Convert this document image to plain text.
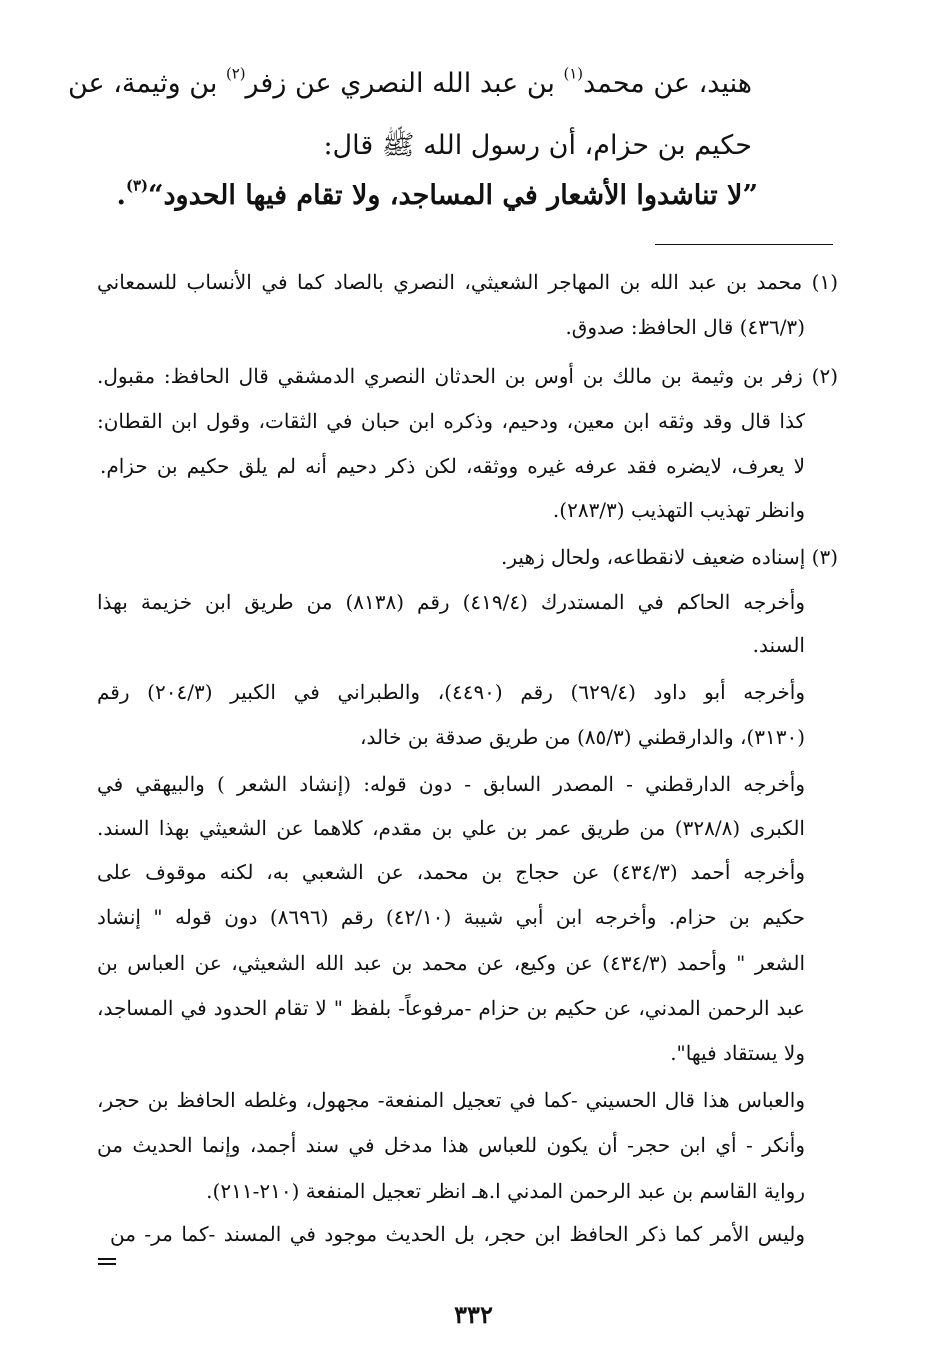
هنيد، عن محمد$^{(١)}$ بن عبد الله النصري عن زفر$^{(٢)}$ بن وثيمة، عن
حكيم بن حزام، أن رسول الله ﷺ قال:
”لا تناشدوا الأشعار في المساجد، ولا تقام فيها الحدود“$^{(٣)}$.
(١) محمد بن عبد الله بن المهاجر الشعيثي، النصري بالصاد كما في الأنساب للسمعاني
(٤٣٦/٣) قال الحافظ: صدوق.
(٢) زفر بن وثيمة بن مالك بن أوس بن الحدثان النصري الدمشقي قال الحافظ: مقبول.
كذا قال وقد وثقه ابن معين، ودحيم، وذكره ابن حبان في الثقات، وقول ابن القطان:
لا يعرف، لايضره فقد عرفه غيره ووثقه، لكن ذكر دحيم أنه لم يلق حكيم بن حزام.
وانظر تهذيب التهذيب (٢٨٣/٣).
(٣) إسناده ضعيف لانقطاعه، ولحال زهير.
وأخرجه الحاكم في المستدرك (٤١٩/٤) رقم (٨١٣٨) من طريق ابن خزيمة بهذا
السند.
وأخرجه أبو داود (٦٢٩/٤) رقم (٤٤٩٠)، والطبراني في الكبير (٢٠٤/٣) رقم
(٣١٣٠)، والدارقطني (٨٥/٣) من طريق صدقة بن خالد،
وأخرجه الدارقطني - المصدر السابق - دون قوله: (إنشاد الشعر ) والبيهقي في
الكبرى (٣٢٨/٨) من طريق عمر بن علي بن مقدم، كلاهما عن الشعيثي بهذا السند.
وأخرجه أحمد (٤٣٤/٣) عن حجاج بن محمد، عن الشعبي به، لكنه موقوف على
حكيم بن حزام. وأخرجه ابن أبي شيبة (٤٢/١٠) رقم (٨٦٩٦) دون قوله " إنشاد
الشعر " وأحمد (٤٣٤/٣) عن وكيع، عن محمد بن عبد الله الشعيثي، عن العباس بن
عبد الرحمن المدني، عن حكيم بن حزام -مرفوعاً- بلفظ " لا تقام الحدود في المساجد،
ولا يستقاد فيها".
والعباس هذا قال الحسيني -كما في تعجيل المنفعة- مجهول، وغلطه الحافظ بن حجر،
وأنكر - أي ابن حجر- أن يكون للعباس هذا مدخل في سند أجمد، وإنما الحديث من
رواية القاسم بن عبد الرحمن المدني ا.هـ انظر تعجيل المنفعة (٢١٠-٢١١).
وليس الأمر كما ذكر الحافظ ابن حجر، بل الحديث موجود في المسند -كما مر- من
٣٣٢
